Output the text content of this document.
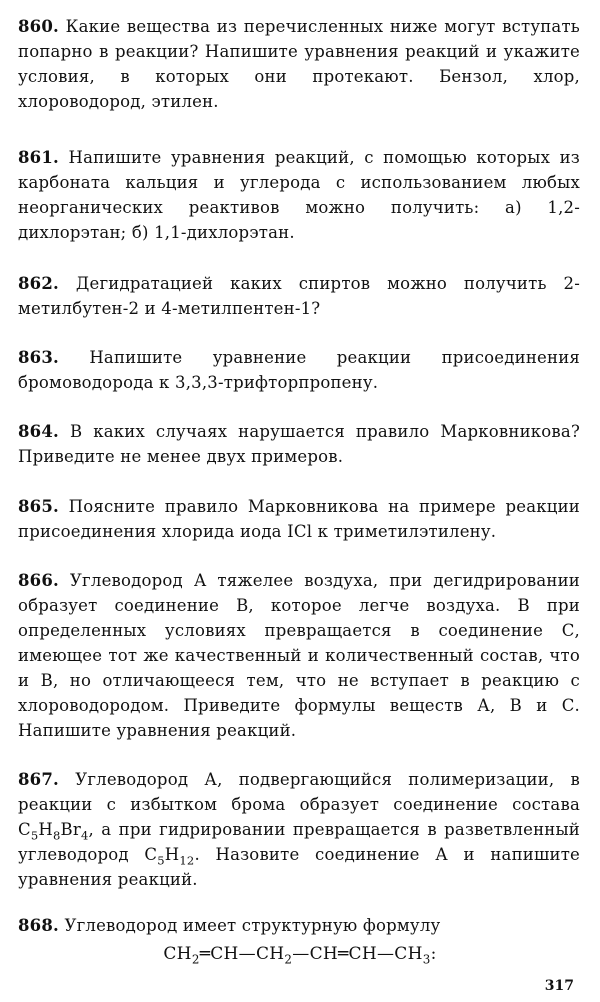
860. Какие вещества из перечисленных ниже могут вступать попарно в реакции? Напишите уравнения реакций и укажите условия, в которых они протекают. Бензол, хлор, хлороводород, этилен.

861. Напишите уравнения реакций, с помощью которых из карбоната кальция и углерода с использованием любых неорганических реактивов можно получить: а) 1,2-дихлорэтан; б) 1,1-дихлорэтан.

862. Дегидратацией каких спиртов можно получить 2-метилбутен-2 и 4-метилпентен-1?

863. Напишите уравнение реакции присоединения бромоводорода к 3,3,3-трифторпропену.

864. В каких случаях нарушается правило Марковникова? Приведите не менее двух примеров.

865. Поясните правило Марковникова на примере реакции присоединения хлорида иода ICl к триметилэтилену.

866. Углеводород А тяжелее воздуха, при дегидрировании образует соединение В, которое легче воздуха. В при определенных условиях превращается в соединение С, имеющее тот же качественный и количественный состав, что и В, но отличающееся тем, что не вступает в реакцию с хлороводородом. Приведите формулы веществ А, В и С. Напишите уравнения реакций.

867. Углеводород А, подвергающийся полимеризации, в реакции с избытком брома образует соединение состава $C_5H_8Br_4$, а при гидрировании превращается в разветвленный углеводород $C_5H_{12}$. Назовите соединение А и напишите уравнения реакций.

868. Углеводород имеет структурную формулу

$CH_2═CH—CH_2—CH═CH—CH_3$:
317
